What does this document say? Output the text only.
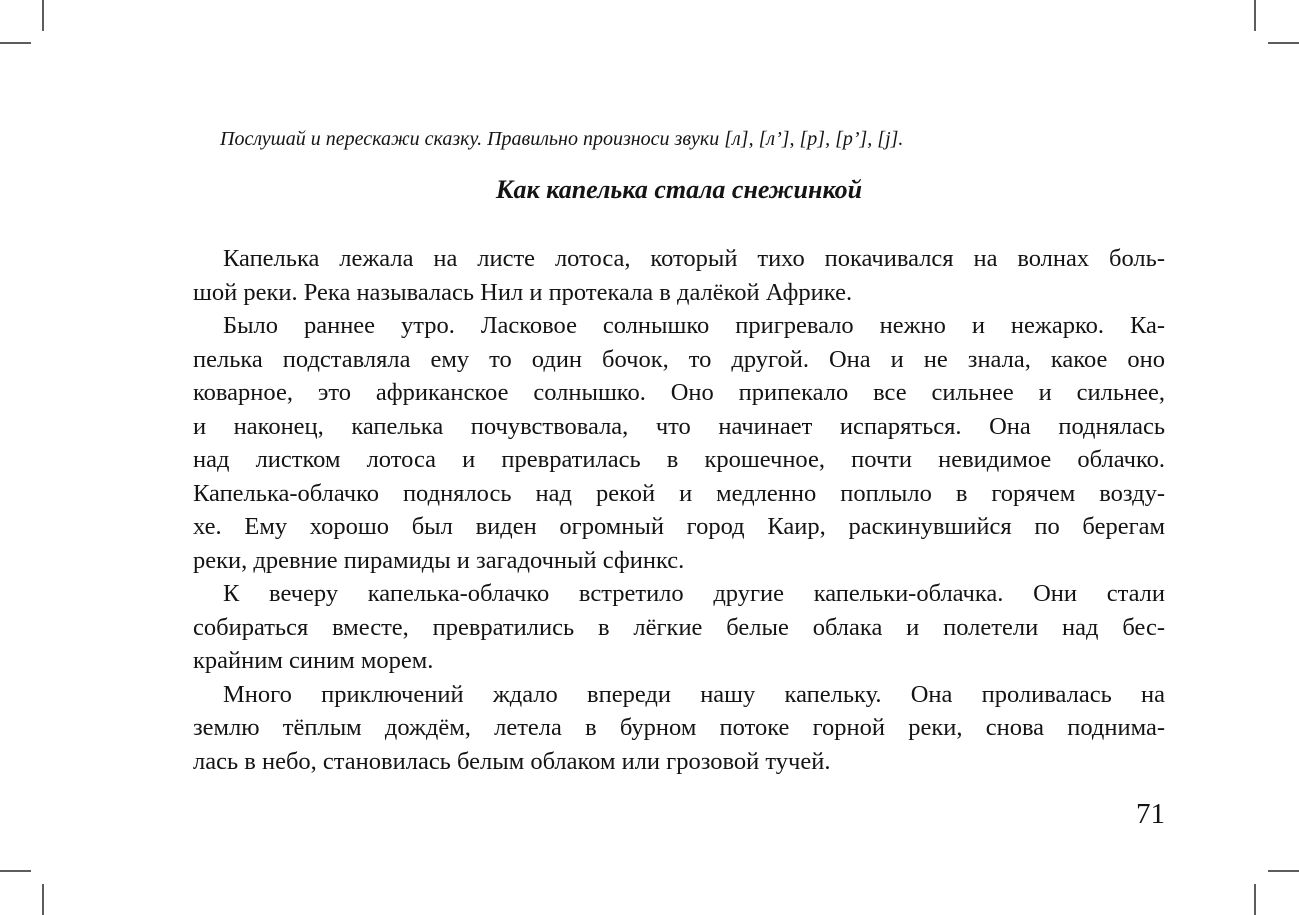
Послушай и перескажи сказку. Правильно произноси звуки [л], [л’], [р], [р’], [j].
Как капелька стала снежинкой
Капелька лежала на листе лотоса, который тихо покачивался на волнах боль-
шой реки. Река называлась Нил и протекала в далёкой Африке.
Было раннее утро. Ласковое солнышко пригревало нежно и нежарко. Ка-
пелька подставляла ему то один бочок, то другой. Она и не знала, какое оно
коварное, это африканское солнышко. Оно припекало все сильнее и сильнее,
и наконец, капелька почувствовала, что начинает испаряться. Она поднялась
над листком лотоса и превратилась в крошечное, почти невидимое облачко.
Капелька-облачко поднялось над рекой и медленно поплыло в горячем возду-
хе. Ему хорошо был виден огромный город Каир, раскинувшийся по берегам
реки, древние пирамиды и загадочный сфинкс.
К вечеру капелька-облачко встретило другие капельки-облачка. Они стали
собираться вместе, превратились в лёгкие белые облака и полетели над бес-
крайним синим морем.
Много приключений ждало впереди нашу капельку. Она проливалась на
землю тёплым дождём, летела в бурном потоке горной реки, снова поднима-
лась в небо, становилась белым облаком или грозовой тучей.
71
